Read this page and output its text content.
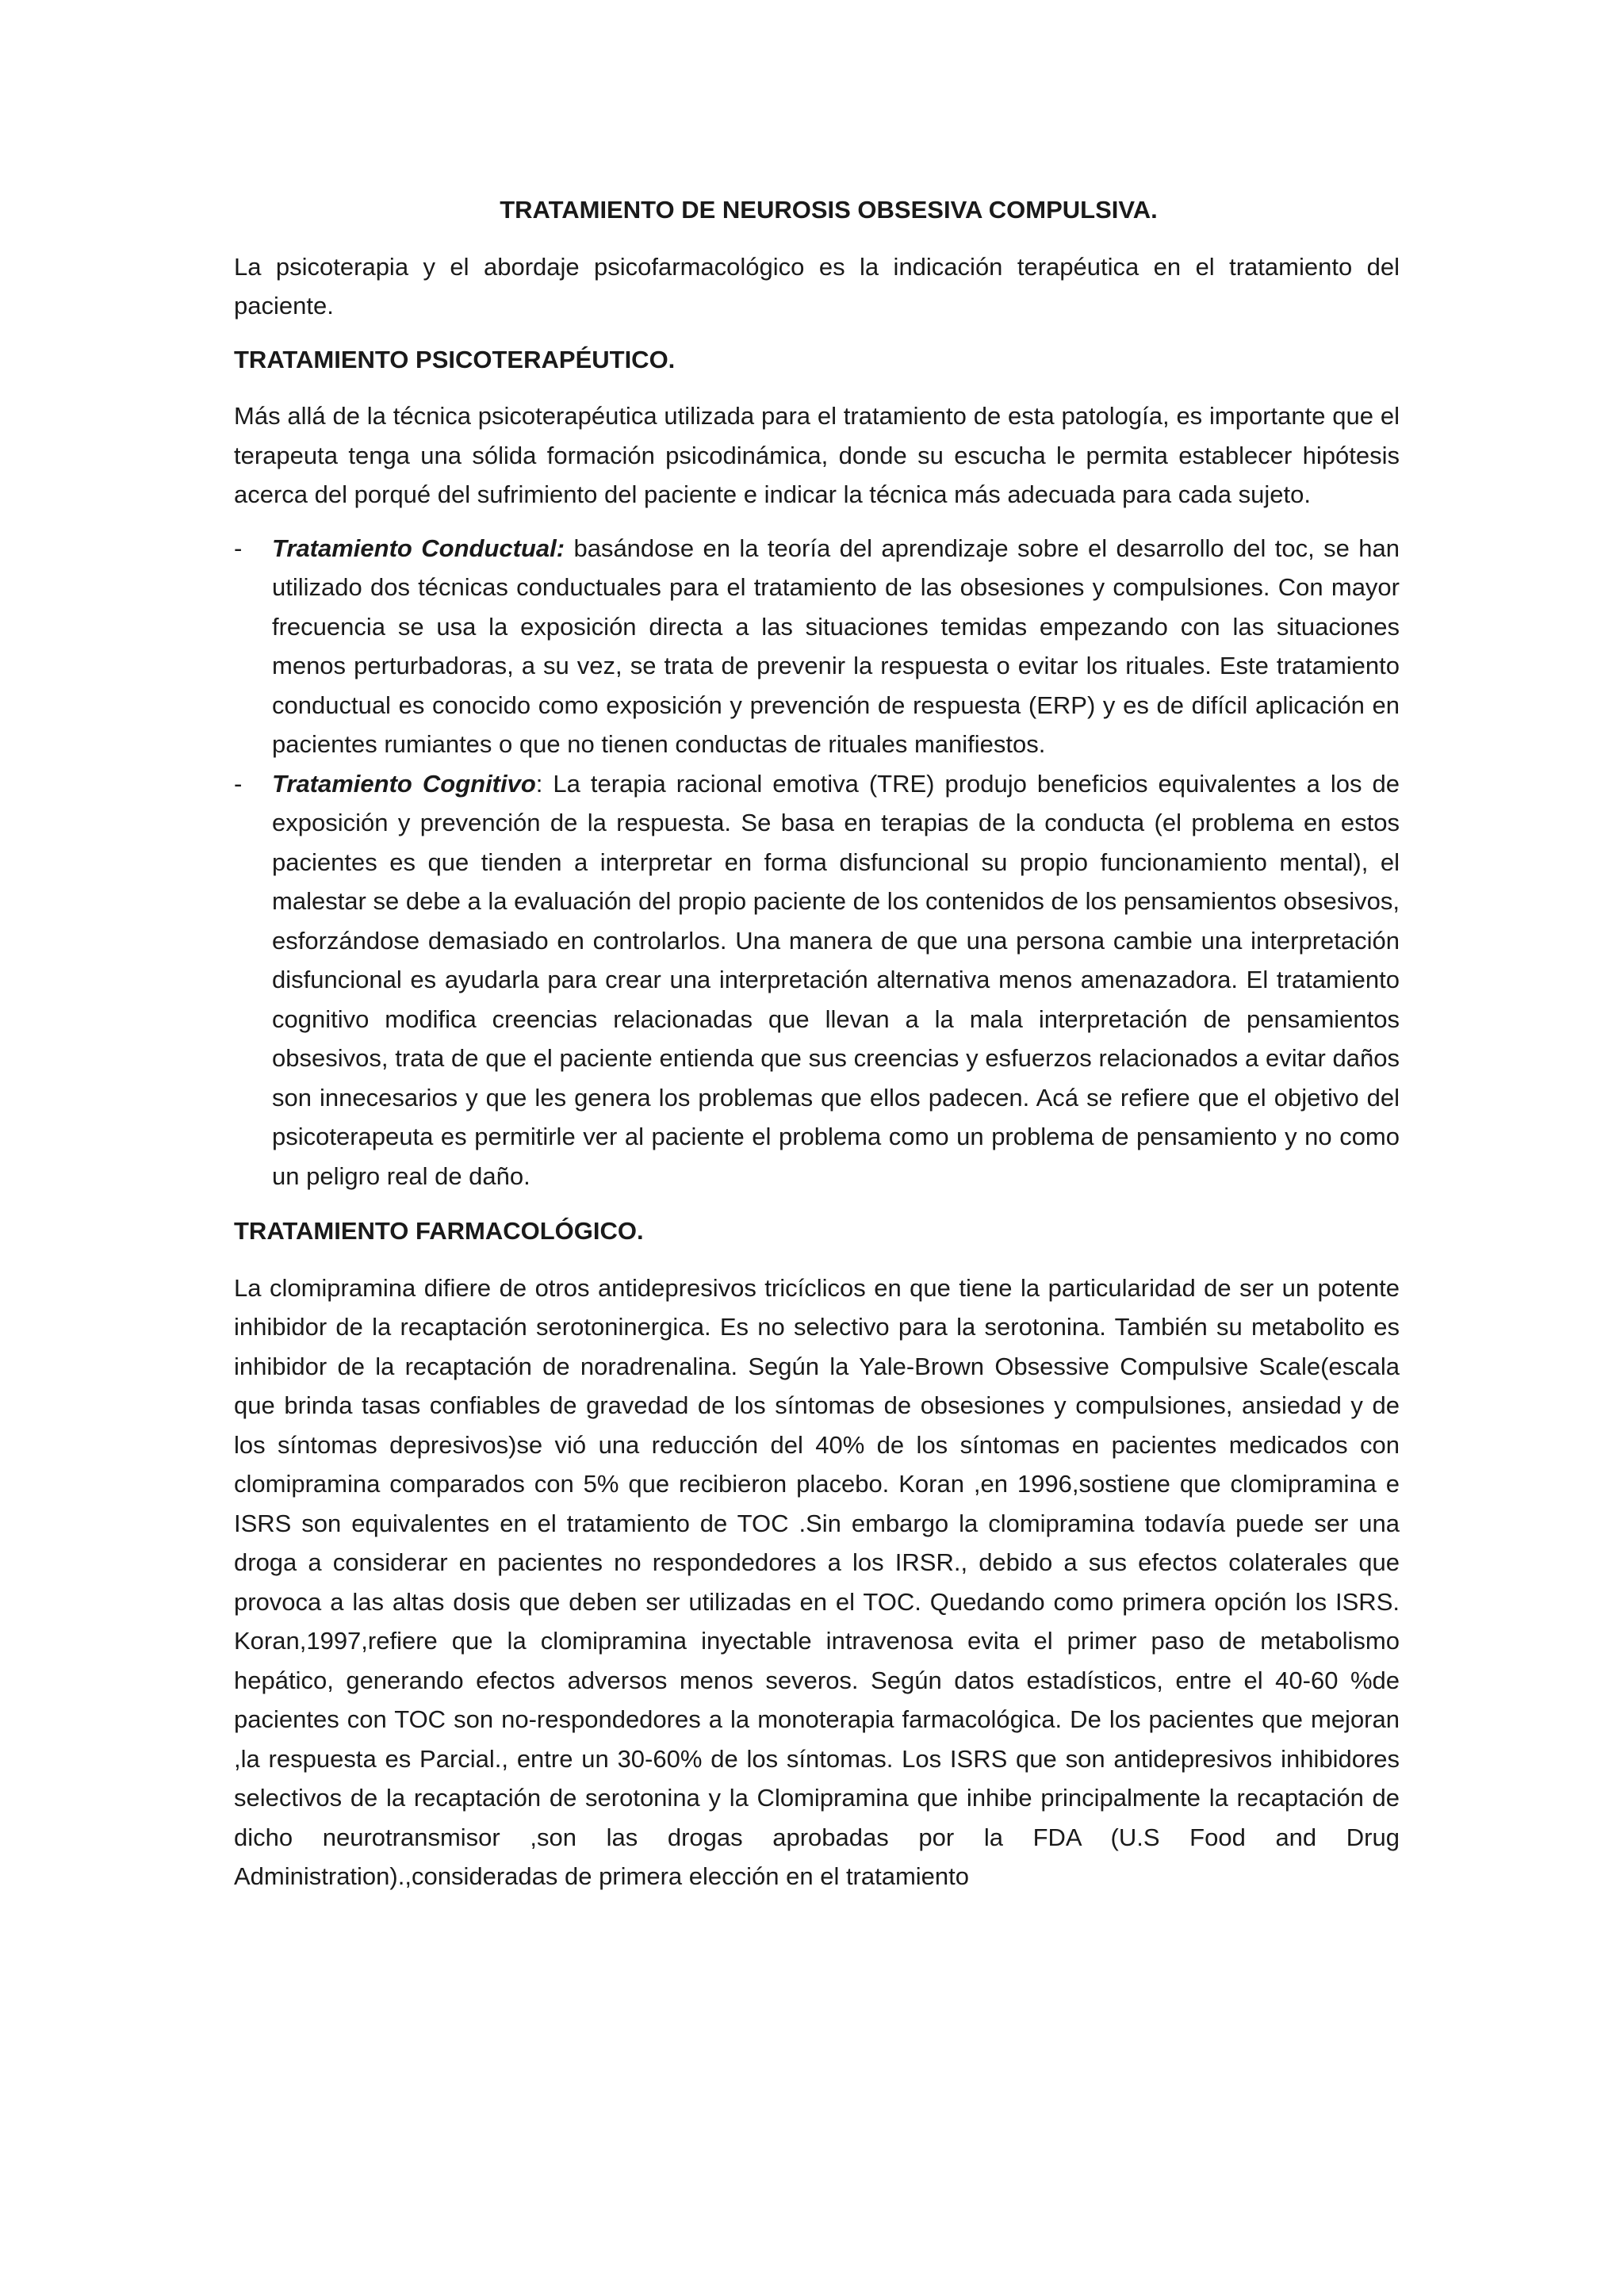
TRATAMIENTO DE NEUROSIS OBSESIVA COMPULSIVA.

La psicoterapia y el abordaje psicofarmacológico es la indicación terapéutica en el tratamiento del paciente.

TRATAMIENTO PSICOTERAPÉUTICO.

Más allá de la técnica psicoterapéutica utilizada para el tratamiento de esta patología, es importante que el terapeuta tenga una sólida formación psicodinámica, donde su escucha le permita establecer hipótesis acerca del porqué del sufrimiento del paciente e indicar la técnica más adecuada para cada sujeto.

- Tratamiento Conductual: basándose en la teoría del aprendizaje sobre el desarrollo del toc, se han utilizado dos técnicas conductuales para el tratamiento de las obsesiones y compulsiones. Con mayor frecuencia se usa la exposición directa a las situaciones temidas empezando con las situaciones menos perturbadoras, a su vez, se trata de prevenir la respuesta o evitar los rituales. Este tratamiento conductual es conocido como exposición y prevención de respuesta (ERP) y es de difícil aplicación en pacientes rumiantes o que no tienen conductas de rituales manifiestos.
- Tratamiento Cognitivo: La terapia racional emotiva (TRE) produjo beneficios equivalentes a los de exposición y prevención de la respuesta. Se basa en terapias de la conducta (el problema en estos pacientes es que tienden a interpretar en forma disfuncional su propio funcionamiento mental), el malestar se debe a la evaluación del propio paciente de los contenidos de los pensamientos obsesivos, esforzándose demasiado en controlarlos. Una manera de que una persona cambie una interpretación disfuncional es ayudarla para crear una interpretación alternativa menos amenazadora. El tratamiento cognitivo modifica creencias relacionadas que llevan a la mala interpretación de pensamientos obsesivos, trata de que el paciente entienda que sus creencias y esfuerzos relacionados a evitar daños son innecesarios y que les genera los problemas que ellos padecen. Acá se refiere que el objetivo del psicoterapeuta es permitirle ver al paciente el problema como un problema de pensamiento y no como un peligro real de daño.
TRATAMIENTO FARMACOLÓGICO.

La clomipramina difiere de otros antidepresivos tricíclicos en que tiene la particularidad de ser un potente inhibidor de la recaptación serotoninergica. Es no selectivo para la serotonina. También su metabolito es inhibidor de la recaptación de noradrenalina. Según la Yale-Brown Obsessive Compulsive Scale(escala que brinda tasas confiables de gravedad de los síntomas de obsesiones y compulsiones, ansiedad y de los síntomas depresivos)se vió una reducción del 40% de los síntomas en pacientes medicados con clomipramina comparados con 5% que recibieron placebo. Koran ,en 1996,sostiene que clomipramina e ISRS son equivalentes en el tratamiento de TOC .Sin embargo la clomipramina todavía puede ser una droga a considerar en pacientes no respondedores a los IRSR., debido a sus efectos colaterales que provoca a las altas dosis que deben ser utilizadas en el TOC. Quedando como primera opción los ISRS. Koran,1997,refiere que la clomipramina inyectable intravenosa evita el primer paso de metabolismo hepático, generando efectos adversos menos severos. Según datos estadísticos, entre el 40-60 %de pacientes con TOC son no-respondedores a la monoterapia farmacológica. De los pacientes que mejoran ,la respuesta es Parcial., entre un 30-60% de los síntomas. Los ISRS que son antidepresivos inhibidores selectivos de la recaptación de serotonina y la Clomipramina que inhibe principalmente la recaptación de dicho neurotransmisor ,son las drogas aprobadas por la FDA (U.S Food and Drug Administration).,consideradas de primera elección en el tratamiento
